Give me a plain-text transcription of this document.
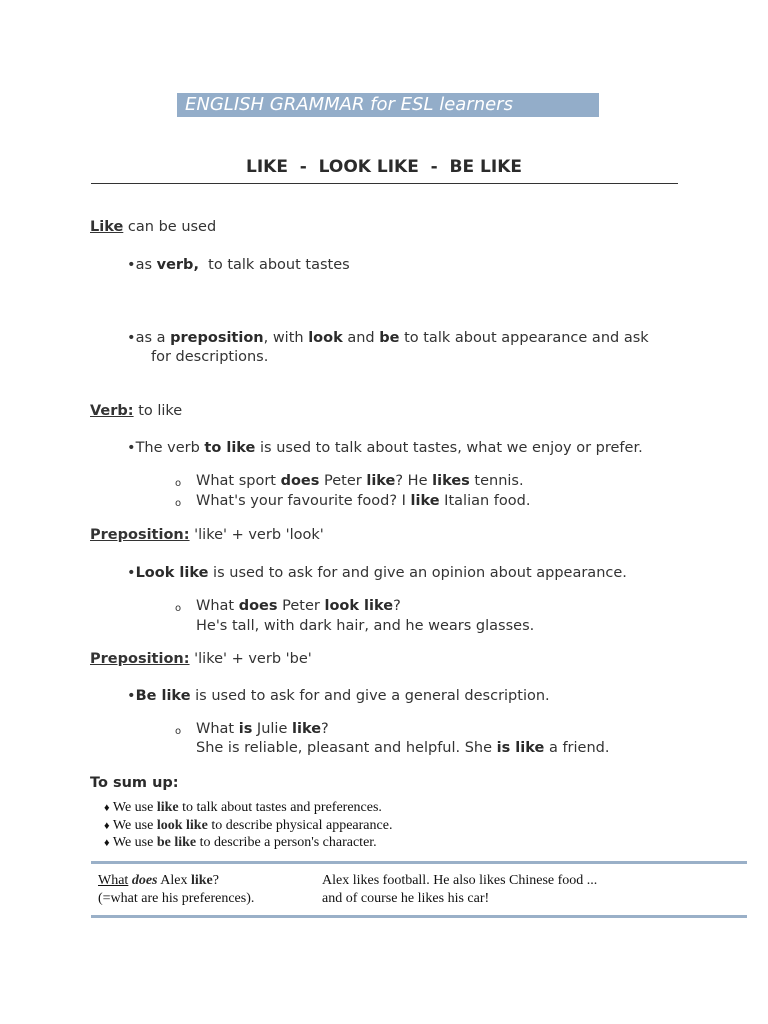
ENGLISH GRAMMAR for ESL learners
LIKE  -  LOOK LIKE  -  BE LIKE
Like can be used
•as verb,  to talk about tastes
•as a preposition, with look and be to talk about appearance and ask
for descriptions.
Verb: to like
•The verb to like is used to talk about tastes, what we enjoy or prefer.
o What sport does Peter like? He likes tennis.
o What's your favourite food? I like Italian food.
Preposition: 'like' + verb 'look'
•Look like is used to ask for and give an opinion about appearance.
o What does Peter look like?
He's tall, with dark hair, and he wears glasses.
Preposition: 'like' + verb 'be'
•Be like is used to ask for and give a general description.
o What is Julie like?
She is reliable, pleasant and helpful. She is like a friend.
To sum up:
♦ We use like to talk about tastes and preferences.
♦ We use look like to describe physical appearance.
♦ We use be like to describe a person's character.
What does Alex like?
(=what are his preferences).
Alex likes football. He also likes Chinese food ...
and of course he likes his car!
